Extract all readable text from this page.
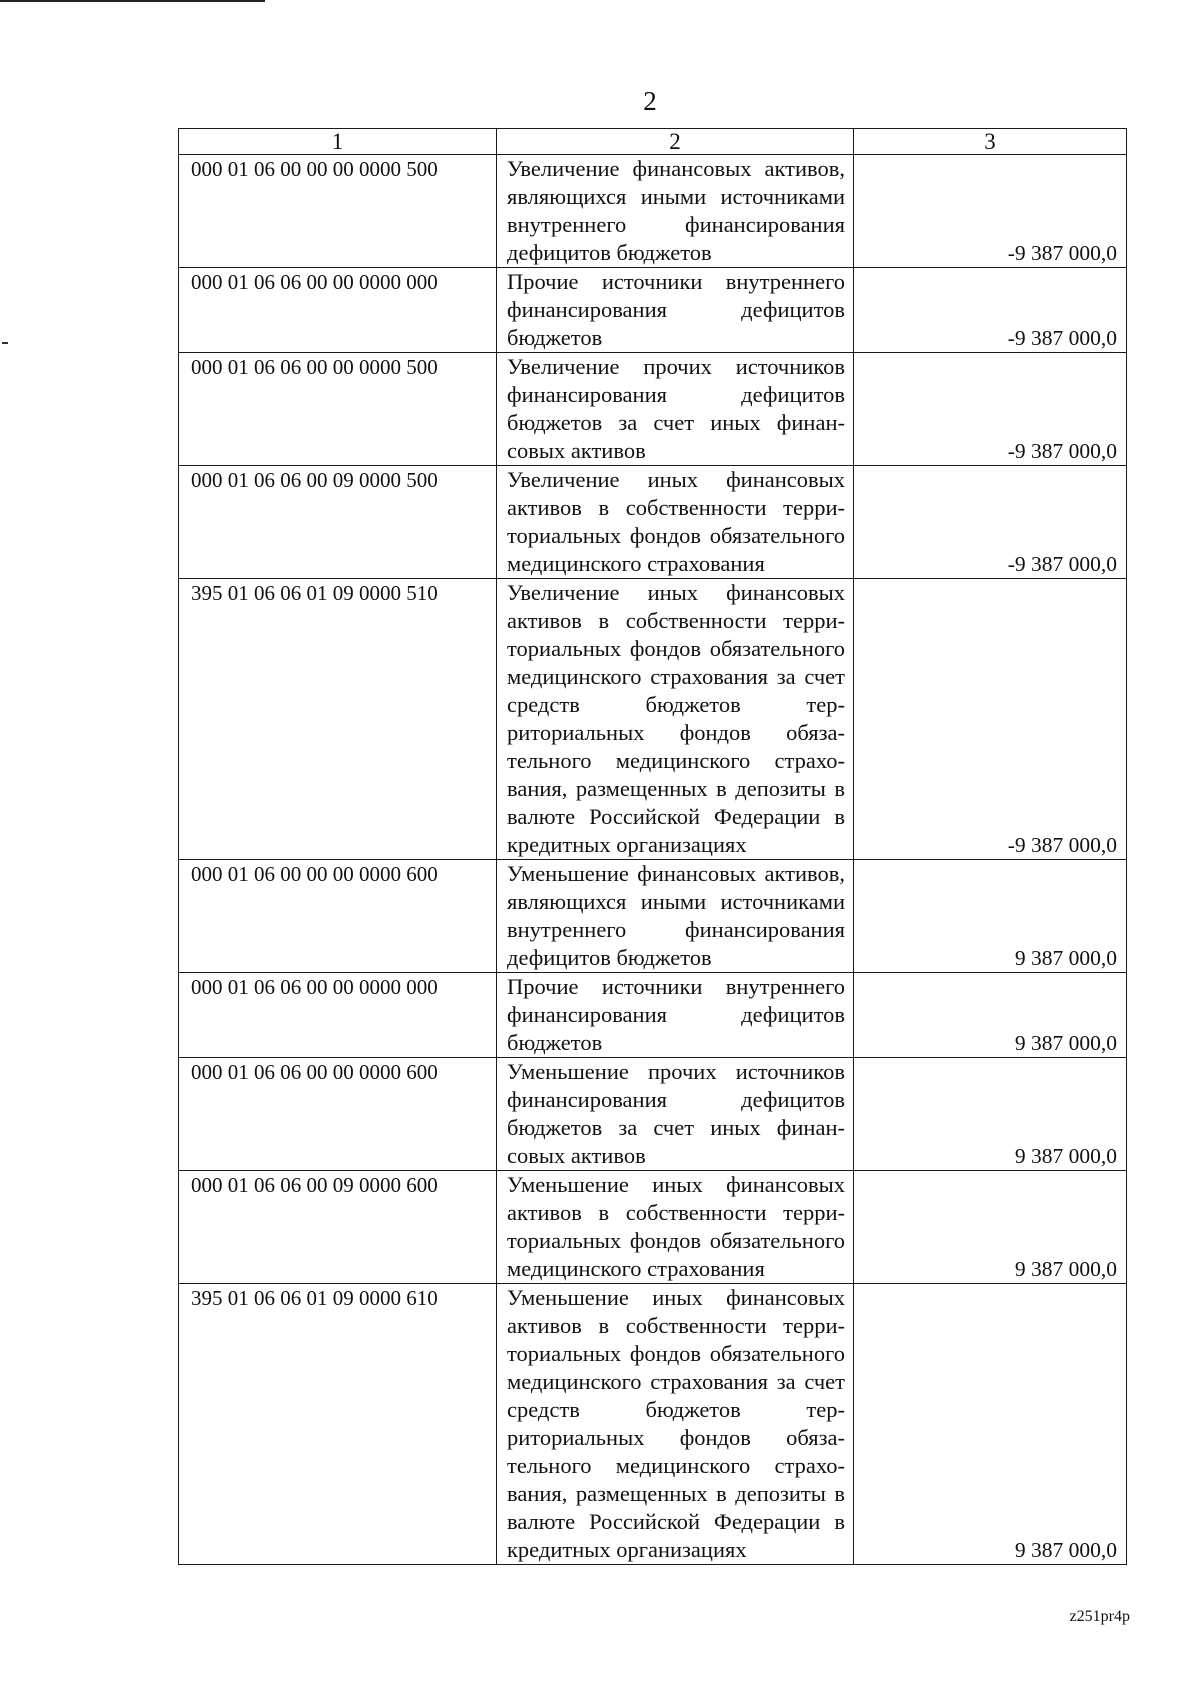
2
1	2	3
000 01 06 00 00 00 0000 500	Увеличение финансовых активов, являющихся иными источниками внутреннего финансирования дефицитов бюджетов	-9 387 000,0
000 01 06 06 00 00 0000 000	Прочие источники внутреннего финансирования дефицитов бюджетов	-9 387 000,0
000 01 06 06 00 00 0000 500	Увеличение прочих источников финансирования дефицитов бюджетов за счет иных финансовых активов	-9 387 000,0
000 01 06 06 00 09 0000 500	Увеличение иных финансовых активов в собственности территориальных фондов обязательного медицинского страхования	-9 387 000,0
395 01 06 06 01 09 0000 510	Увеличение иных финансовых активов в собственности территориальных фондов обязательного медицинского страхования за счет средств бюджетов территориальных фондов обязательного медицинского страхования, размещенных в депозиты в валюте Российской Федерации в кредитных организациях	-9 387 000,0
000 01 06 00 00 00 0000 600	Уменьшение финансовых активов, являющихся иными источниками внутреннего финансирования дефицитов бюджетов	9 387 000,0
000 01 06 06 00 00 0000 000	Прочие источники внутреннего финансирования дефицитов бюджетов	9 387 000,0
000 01 06 06 00 00 0000 600	Уменьшение прочих источников финансирования дефицитов бюджетов за счет иных финансовых активов	9 387 000,0
000 01 06 06 00 09 0000 600	Уменьшение иных финансовых активов в собственности территориальных фондов обязательного медицинского страхования	9 387 000,0
395 01 06 06 01 09 0000 610	Уменьшение иных финансовых активов в собственности территориальных фондов обязательного медицинского страхования за счет средств бюджетов территориальных фондов обязательного медицинского страхования, размещенных в депозиты в валюте Российской Федерации в кредитных организациях	9 387 000,0
z251pr4p
